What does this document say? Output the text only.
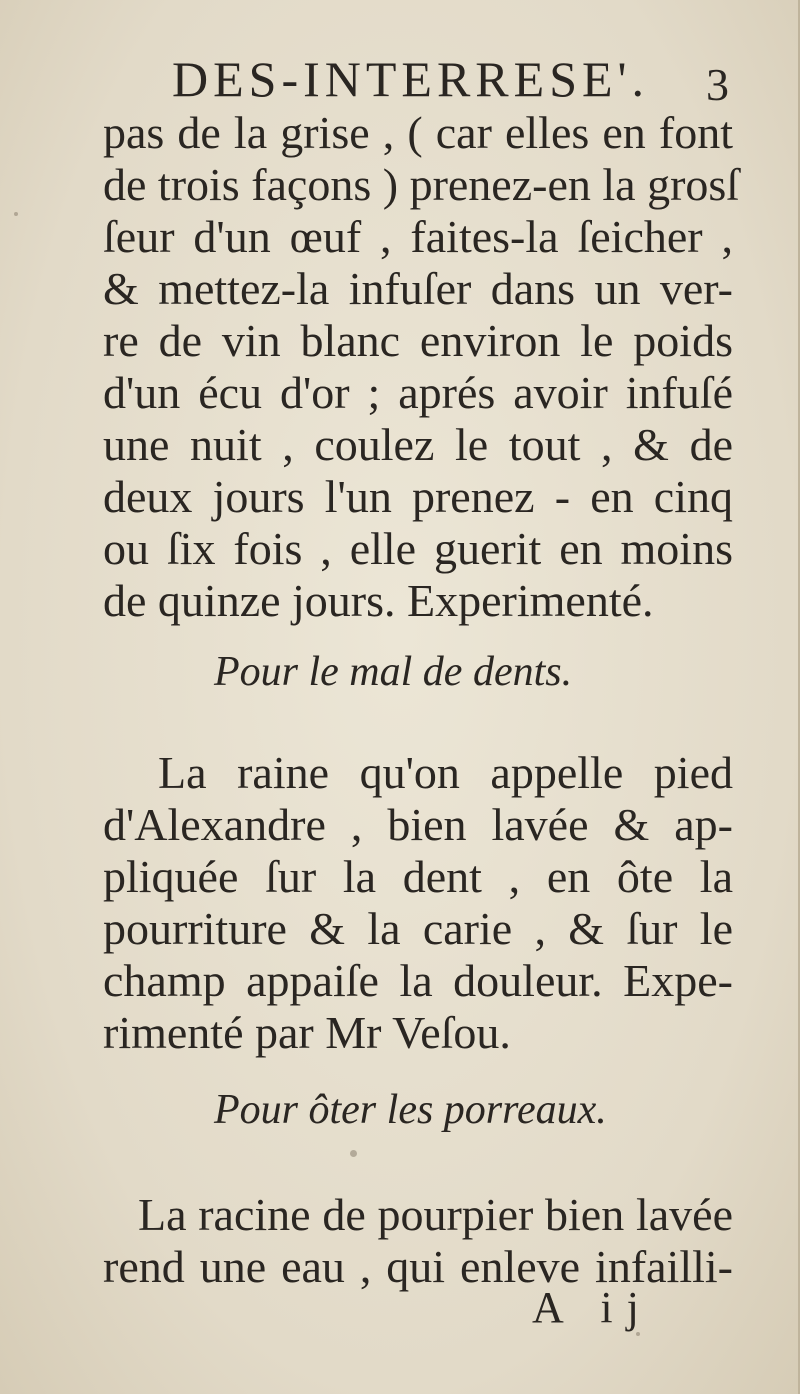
DES-INTERRESE'. 3
pas de la grise , ( car elles en font
de trois façons ) prenez-en la grosſ
ſeur d'un œuf , faites-la ſeicher ,
& mettez-la infuſer dans un ver-
re de vin blanc environ le poids
d'un écu d'or ; aprés avoir infuſé
une nuit , coulez le tout , & de
deux jours l'un prenez - en cinq
ou ſix fois , elle guerit en moins
de quinze jours. Experimenté.
Pour le mal de dents.
La raine qu'on appelle pied
d'Alexandre , bien lavée & ap-
pliquée ſur la dent , en ôte la
pourriture & la carie , & ſur le
champ appaiſe la douleur. Expe-
rimenté par Mr Veſou.
Pour ôter les porreaux.
La racine de pourpier bien lavée
rend une eau , qui enleve infailli-
A ij
